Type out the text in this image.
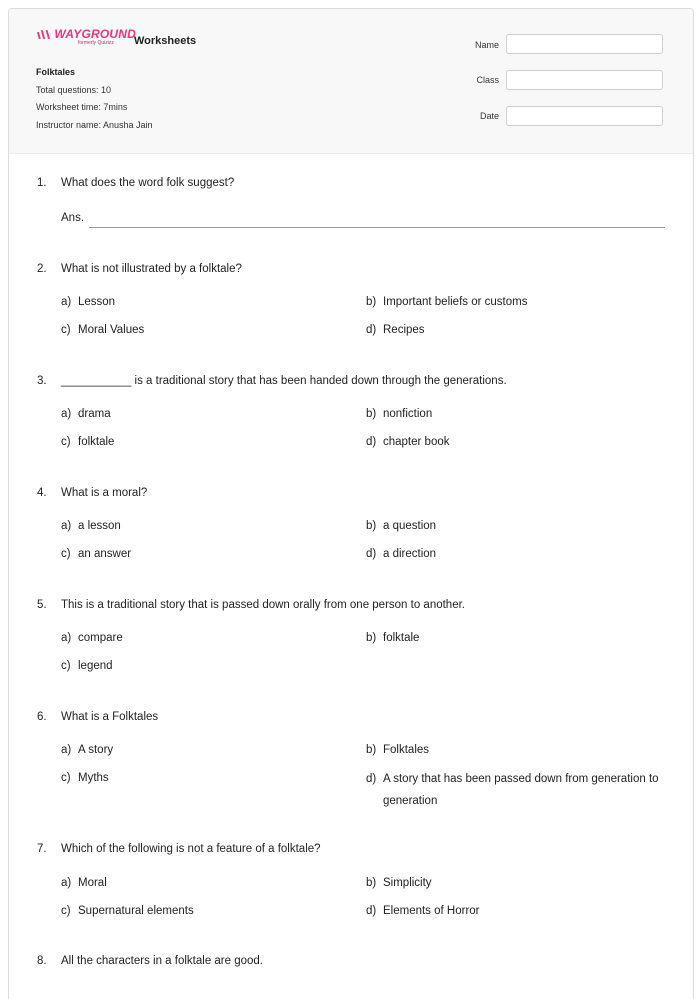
WAYGROUND
formerly Quizizz Worksheets
Folktales
Total questions: 10
Worksheet time: 7mins
Instructor name: Anusha Jain
Name
Class
Date
1. What does the word folk suggest?
Ans.
2. What is not illustrated by a folktale?
a) Lesson	b) Important beliefs or customs
c) Moral Values	d) Recipes
3. ___________ is a traditional story that has been handed down through the generations.
a) drama	b) nonfiction
c) folktale	d) chapter book
4. What is a moral?
a) a lesson	b) a question
c) an answer	d) a direction
5. This is a traditional story that is passed down orally from one person to another.
a) compare	b) folktale
c) legend
6. What is a Folktales
a) A story	b) Folktales
c) Myths	d) A story that has been passed down from generation to generation
7. Which of the following is not a feature of a folktale?
a) Moral	b) Simplicity
c) Supernatural elements	d) Elements of Horror
8. All the characters in a folktale are good.
